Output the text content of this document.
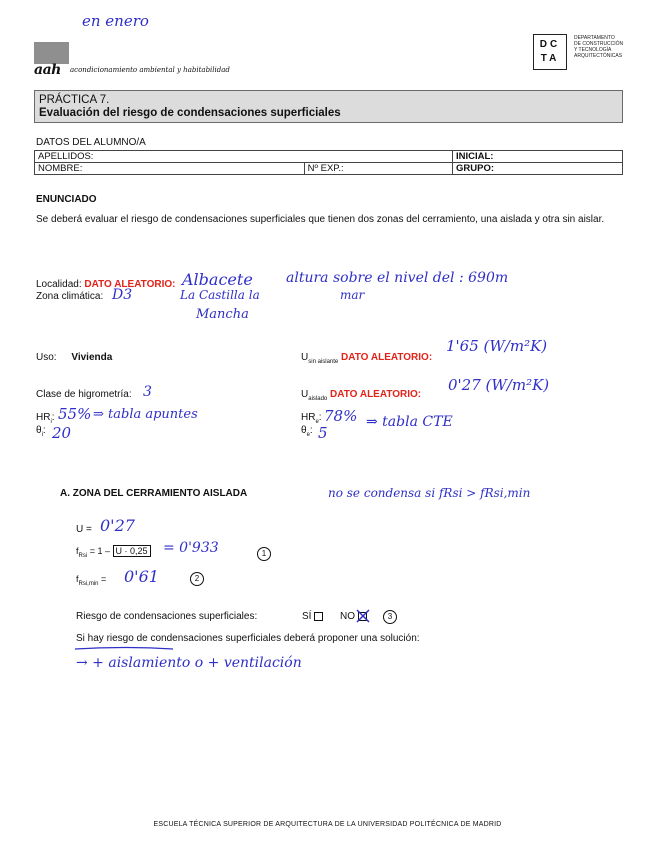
en enero
aah acondicionamiento ambiental y habitabilidad
DC
TA
DEPARTAMENTO
DE CONSTRUCCIÓN
Y TECNOLOGÍA
ARQUITECTÓNICAS
PRÁCTICA 7.
Evaluación del riesgo de condensaciones superficiales
DATOS DEL ALUMNO/A
APELLIDOS:		INICIAL:
NOMBRE:	Nº EXP.:	GRUPO:
ENUNCIADO
Se deberá evaluar el riesgo de condensaciones superficiales que tienen dos zonas del cerramiento, una aislada y otra sin aislar.
Localidad: DATO ALEATORIO: Albacete
La Castilla la
Mancha
altura sobre el nivel del : 690m
mar
Zona climática: D3
Uso: Vivienda	$U_{sin aislante}$ DATO ALEATORIO:
1'65 (W/m²K)
Clase de higrometría: 3	$U_{aislado}$ DATO ALEATORIO:
0'27 (W/m²K)
$HR_i$: 55%
$\theta_i$: 20
⇒ tabla apuntes	$HR_e$: 78%
$\theta_e$: 5
⇒ tabla CTE
A. ZONA DEL CERRAMIENTO AISLADA	no se condensa si fRsi > fRsi,min
U = 0'27
$f_{Rsi} = 1 - U \cdot 0,25 = 0'933$	1
$f_{Rsi,min} = 0'61$	2
Riesgo de condensaciones superficiales:	SÍ	NO	3
Si hay riesgo de condensaciones superficiales deberá proponer una solución:
→ + aislamiento o + ventilación
ESCUELA TÉCNICA SUPERIOR DE ARQUITECTURA DE LA UNIVERSIDAD POLITÉCNICA DE MADRID
